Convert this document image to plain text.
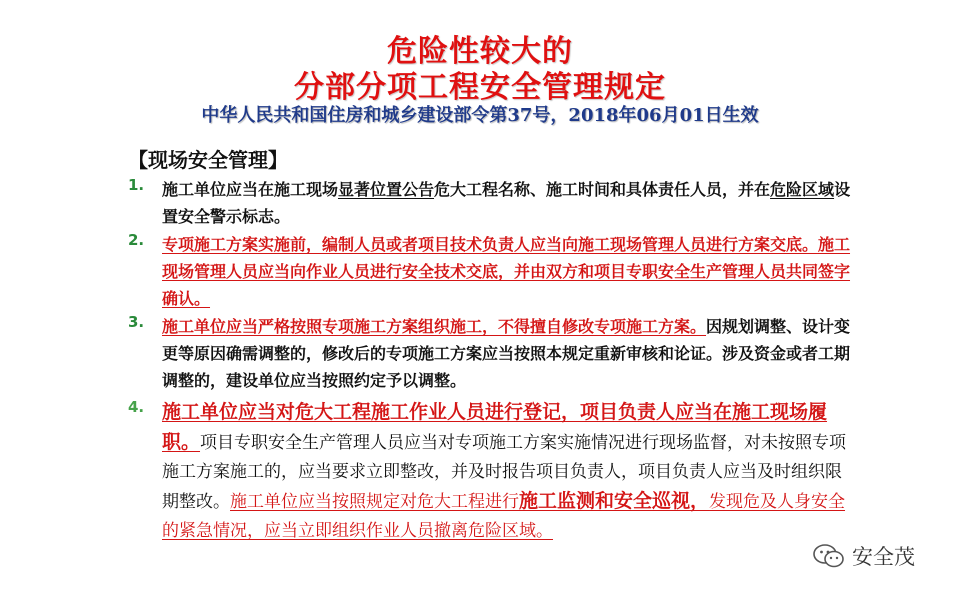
危险性较大的
分部分项工程安全管理规定
中华人民共和国住房和城乡建设部令第37号，2018年06月01日生效
【现场安全管理】
1.	施工单位应当在施工现场显著位置公告危大工程名称、施工时间和具体责任人员，并在危险区域设置安全警示标志。
2.	专项施工方案实施前，编制人员或者项目技术负责人应当向施工现场管理人员进行方案交底。施工现场管理人员应当向作业人员进行安全技术交底，并由双方和项目专职安全生产管理人员共同签字确认。
3.	施工单位应当严格按照专项施工方案组织施工，不得擅自修改专项施工方案。因规划调整、设计变更等原因确需调整的，修改后的专项施工方案应当按照本规定重新审核和论证。涉及资金或者工期调整的，建设单位应当按照约定予以调整。
4. 施工单位应当对危大工程施工作业人员进行登记，项目负责人应当在施工现场履职。项目专职安全生产管理人员应当对专项施工方案实施情况进行现场监督，对未按照专项施工方案施工的，应当要求立即整改，并及时报告项目负责人，项目负责人应当及时组织限期整改。施工单位应当按照规定对危大工程进行施工监测和安全巡视，发现危及人身安全的紧急情况，应当立即组织作业人员撤离危险区域。
安全茂
